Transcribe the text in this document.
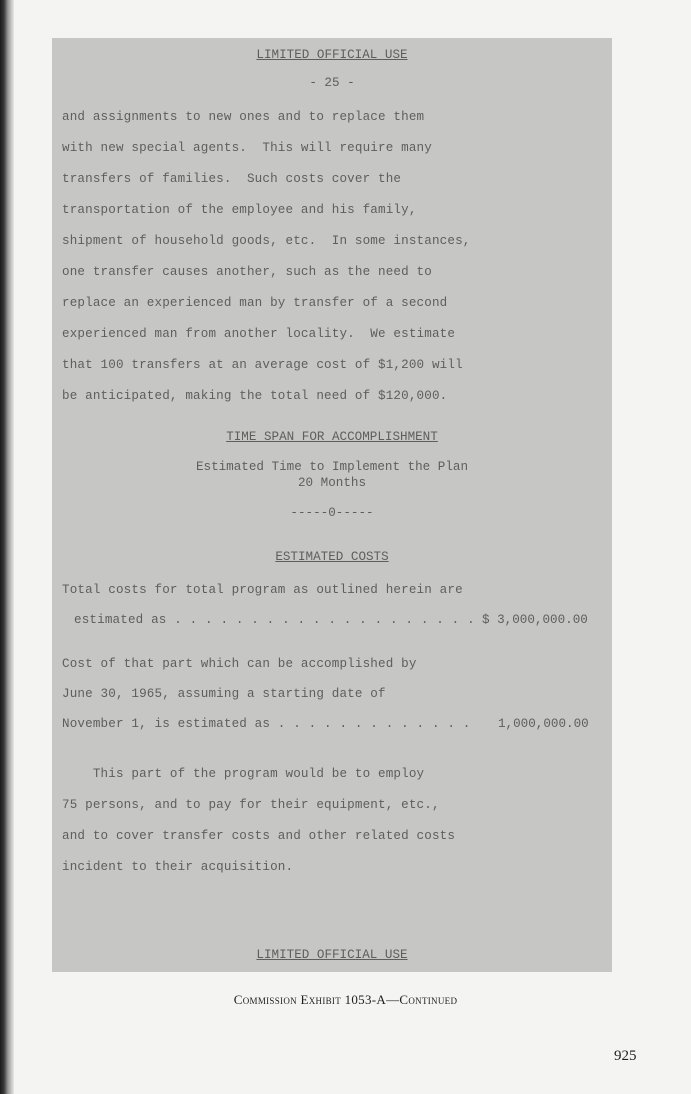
LIMITED OFFICIAL USE
- 25 -
and assignments to new ones and to replace them
with new special agents.  This will require many
transfers of families.  Such costs cover the
transportation of the employee and his family,
shipment of household goods, etc.  In some instances,
one transfer causes another, such as the need to
replace an experienced man by transfer of a second
experienced man from another locality.  We estimate
that 100 transfers at an average cost of $1,200 will
be anticipated, making the total need of $120,000.
TIME SPAN FOR ACCOMPLISHMENT
Estimated Time to Implement the Plan
20 Months
-----0-----
ESTIMATED COSTS
Total costs for total program as outlined herein are
estimated as . . . . . . . . . . . . . . . . . . . . $ 3,000,000.00
Cost of that part which can be accomplished by
June 30, 1965, assuming a starting date of
November 1, is estimated as . . . . . . . . . . . . . 1,000,000.00
This part of the program would be to employ
75 persons, and to pay for their equipment, etc.,
and to cover transfer costs and other related costs
incident to their acquisition.
LIMITED OFFICIAL USE
Commission Exhibit 1053-A—Continued
925
